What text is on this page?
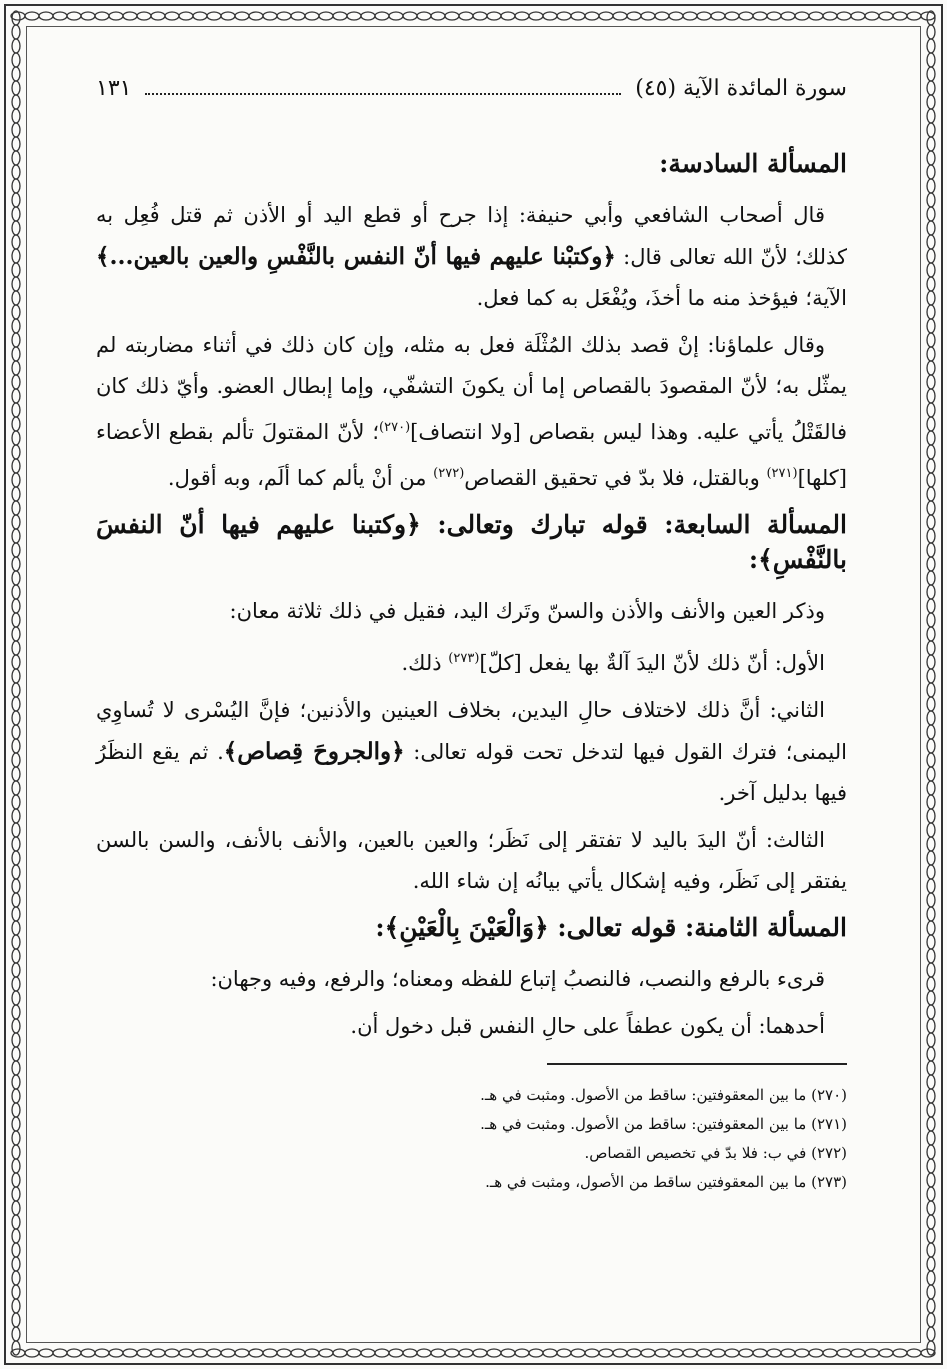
سورة المائدة الآية (٤٥)
١٣١
المسألة السادسة:

قال أصحاب الشافعي وأبي حنيفة: إذا جرح أو قطع اليد أو الأذن ثم قتل فُعِل به كذلك؛ لأنّ الله تعالى قال: ﴿وكتبْنا عليهم فيها أنّ النفس بالنَّفْسِ والعين بالعين...﴾ الآية؛ فيؤخذ منه ما أخذَ، ويُفْعَل به كما فعل.

وقال علماؤنا: إنْ قصد بذلك المُثْلَة فعل به مثله، وإن كان ذلك في أثناء مضاربته لم يمثّل به؛ لأنّ المقصودَ بالقصاص إما أن يكونَ التشفّي، وإما إبطال العضو. وأيّ ذلك كان فالقَتْلُ يأتي عليه. وهذا ليس بقصاص [ولا انتصاف]$^{(٢٧٠)}$؛ لأنّ المقتولَ تألم بقطع الأعضاء [كلها]$^{(٢٧١)}$ وبالقتل، فلا بدّ في تحقيق القصاص$^{(٢٧٢)}$ من أنْ يألم كما ألَم، وبه أقول.

المسألة السابعة: قوله تبارك وتعالى: ﴿وكتبنا عليهم فيها أنّ النفسَ بالنَّفْسِ﴾:

وذكر العين والأنف والأذن والسنّ وتَرك اليد، فقيل في ذلك ثلاثة معان:

الأول: أنّ ذلك لأنّ اليدَ آلةٌ بها يفعل [كلّ]$^{(٢٧٣)}$ ذلك.

الثاني: أنَّ ذلك لاختلاف حالِ اليدين، بخلاف العينين والأذنين؛ فإنَّ اليُسْرى لا تُساوِي اليمنى؛ فترك القول فيها لتدخل تحت قوله تعالى: ﴿والجروحَ قِصاص﴾. ثم يقع النظَرُ فيها بدليل آخر.

الثالث: أنّ اليدَ باليد لا تفتقر إلى نَظَر؛ والعين بالعين، والأنف بالأنف، والسن بالسن يفتقر إلى نَظَر، وفيه إشكال يأتي بيانُه إن شاء الله.

المسألة الثامنة: قوله تعالى: ﴿وَالْعَيْنَ بِالْعَيْنِ﴾:

قرىء بالرفع والنصب، فالنصبُ إتباع للفظه ومعناه؛ والرفع، وفيه وجهان:

أحدهما: أن يكون عطفاً على حالِ النفس قبل دخول أن.

(٢٧٠) ما بين المعقوفتين: ساقط من الأصول. ومثبت في هـ.

(٢٧١) ما بين المعقوفتين: ساقط من الأصول. ومثبت في هـ.

(٢٧٢) في ب: فلا بدّ في تخصيص القصاص.

(٢٧٣) ما بين المعقوفتين ساقط من الأصول، ومثبت في هـ.
